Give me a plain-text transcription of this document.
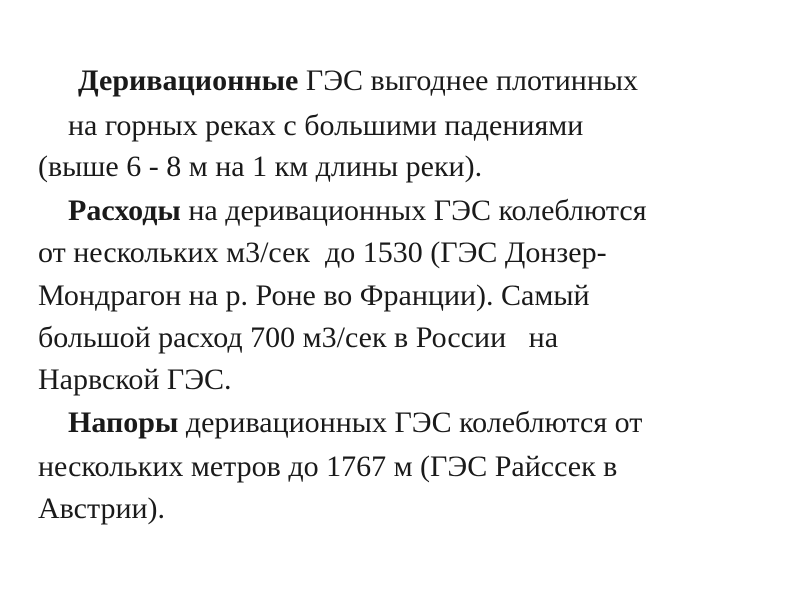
Деривационные ГЭС выгоднее плотинных
на горных реках с большими падениями
(выше 6 - 8 м на 1 км длины реки).
Расходы на деривационных ГЭС колеблются
от нескольких м3/сек  до 1530 (ГЭС Донзер-
Мондрагон на р. Роне во Франции). Самый
большой расход 700 м3/сек в России   на
Нарвской ГЭС.
Напоры деривационных ГЭС колеблются от
нескольких метров до 1767 м (ГЭС Райссек в
Австрии).
